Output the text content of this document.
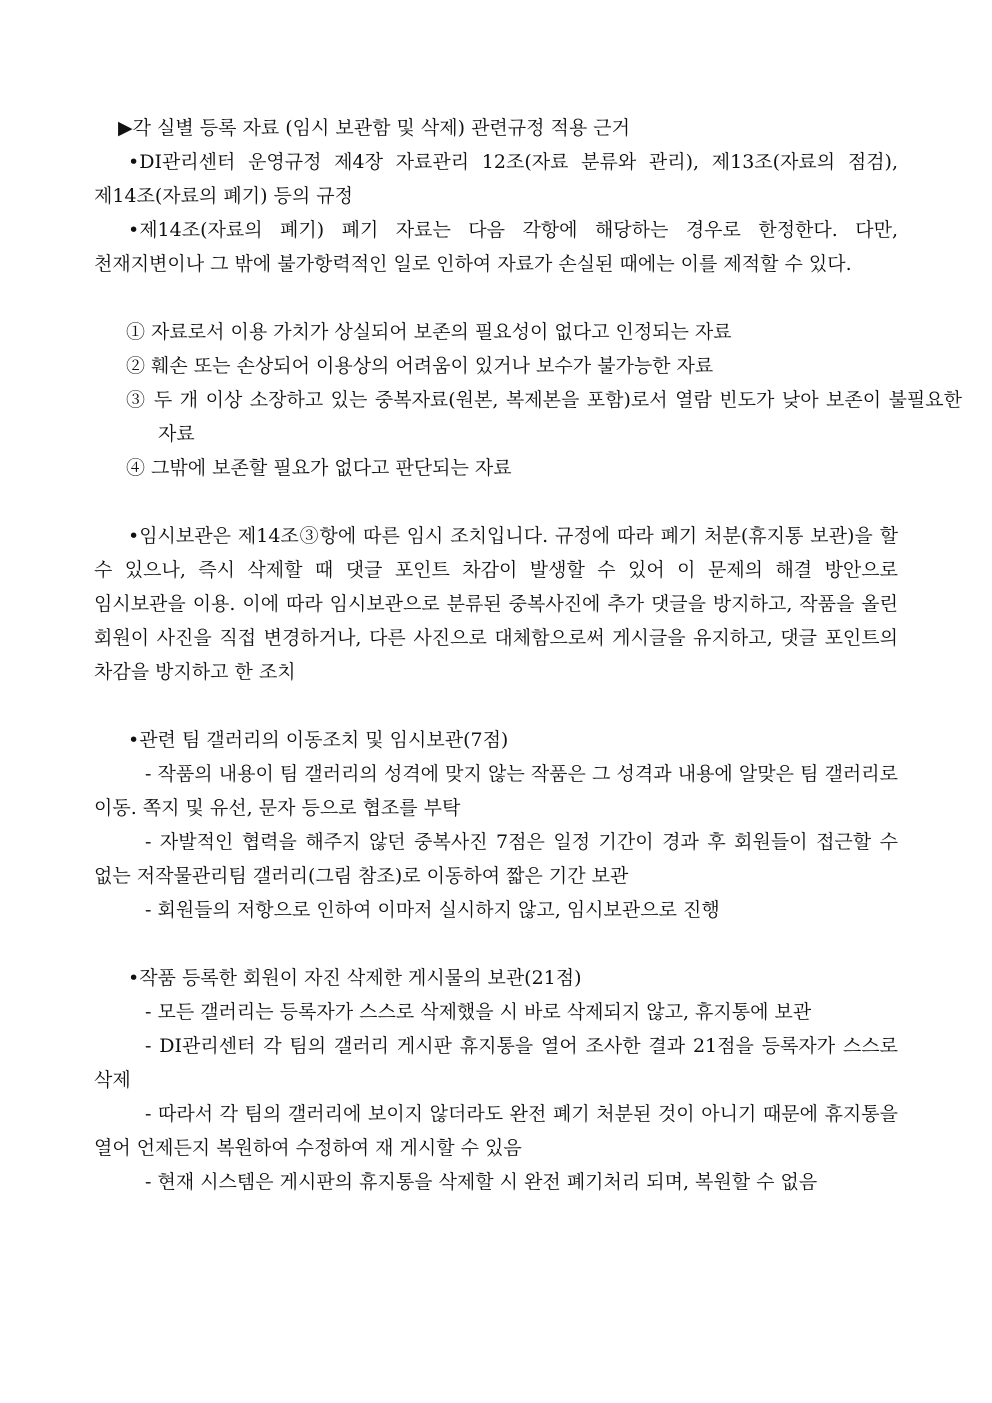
▶각 실별 등록 자료 (임시 보관함 및 삭제) 관련규정 적용 근거

•DI관리센터 운영규정 제4장 자료관리 12조(자료 분류와 관리), 제13조(자료의 점검), 제14조(자료의 폐기) 등의 규정

•제14조(자료의 폐기) 폐기 자료는 다음 각항에 해당하는 경우로 한정한다. 다만, 천재지변이나 그 밖에 불가항력적인 일로 인하여 자료가 손실된 때에는 이를 제적할 수 있다.

① 자료로서 이용 가치가 상실되어 보존의 필요성이 없다고 인정되는 자료

② 훼손 또는 손상되어 이용상의 어려움이 있거나 보수가 불가능한 자료

③ 두 개 이상 소장하고 있는 중복자료(원본, 복제본을 포함)로서 열람 빈도가 낮아 보존이 불필요한 자료

④ 그밖에 보존할 필요가 없다고 판단되는 자료

•임시보관은 제14조③항에 따른 임시 조치입니다. 규정에 따라 폐기 처분(휴지통 보관)을 할 수 있으나, 즉시 삭제할 때 댓글 포인트 차감이 발생할 수 있어 이 문제의 해결 방안으로 임시보관을 이용. 이에 따라 임시보관으로 분류된 중복사진에 추가 댓글을 방지하고, 작품을 올린 회원이 사진을 직접 변경하거나, 다른 사진으로 대체함으로써 게시글을 유지하고, 댓글 포인트의 차감을 방지하고 한 조치

•관련 팀 갤러리의 이동조치 및 임시보관(7점)

- 작품의 내용이 팀 갤러리의 성격에 맞지 않는 작품은 그 성격과 내용에 알맞은 팀 갤러리로 이동. 쪽지 및 유선, 문자 등으로 협조를 부탁

- 자발적인 협력을 해주지 않던 중복사진 7점은 일정 기간이 경과 후 회원들이 접근할 수 없는 저작물관리팀 갤러리(그림 참조)로 이동하여 짧은 기간 보관

- 회원들의 저항으로 인하여 이마저 실시하지 않고, 임시보관으로 진행

•작품 등록한 회원이 자진 삭제한 게시물의 보관(21점)

- 모든 갤러리는 등록자가 스스로 삭제했을 시 바로 삭제되지 않고, 휴지통에 보관

- DI관리센터 각 팀의 갤러리 게시판 휴지통을 열어 조사한 결과 21점을 등록자가 스스로 삭제

- 따라서 각 팀의 갤러리에 보이지 않더라도 완전 폐기 처분된 것이 아니기 때문에 휴지통을 열어 언제든지 복원하여 수정하여 재 게시할 수 있음

- 현재 시스템은 게시판의 휴지통을 삭제할 시 완전 폐기처리 되며, 복원할 수 없음
